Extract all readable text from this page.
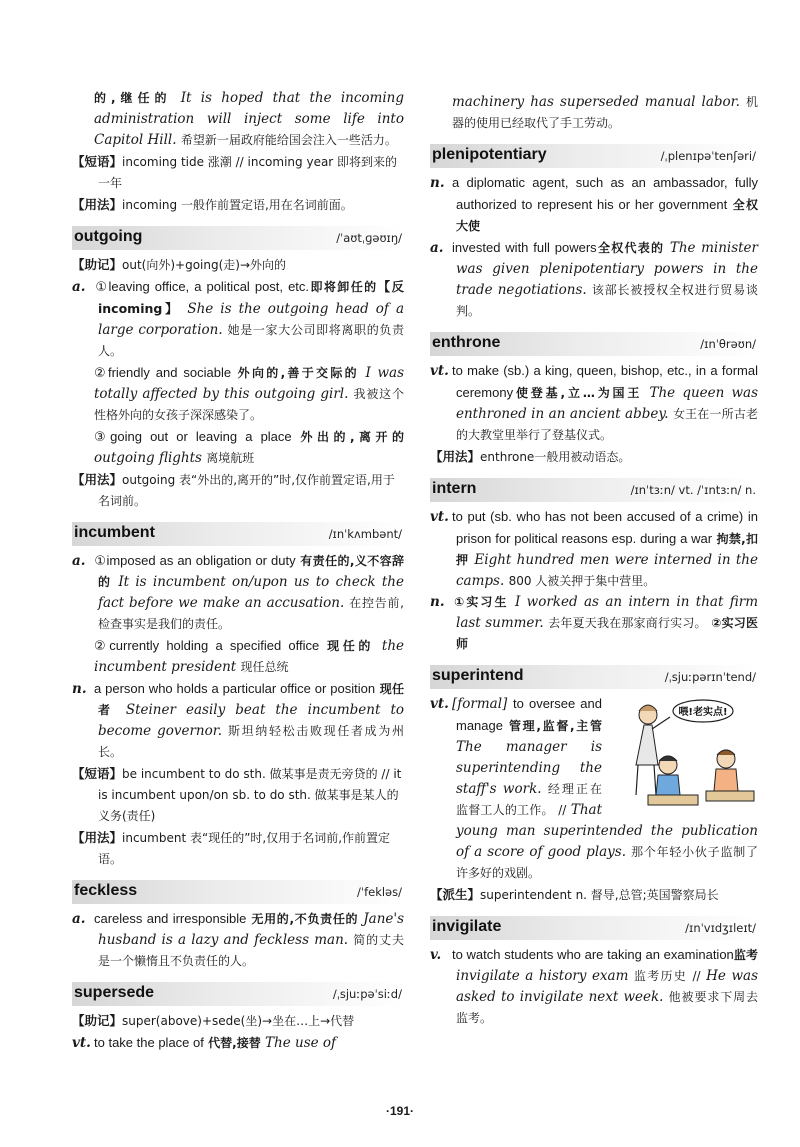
的,继任的 It is hoped that the incoming administration will inject some life into Capitol Hill. 希望新一届政府能给国会注入一些活力。

【短语】incoming tide 涨潮 // incoming year 即将到来的一年

【用法】incoming 一般作前置定语,用在名词前面。

outgoing	/ˈaʊtˌɡəʊɪŋ/

【助记】out(向外)+going(走)→外向的

a. ①leaving office, a political post, etc.即将卸任的【反 incoming】 She is the outgoing head of a large corporation. 她是一家大公司即将离职的负责人。

②friendly and sociable 外向的,善于交际的 I was totally affected by this outgoing girl. 我被这个性格外向的女孩子深深感染了。

③going out or leaving a place 外出的,离开的 outgoing flights 离境航班

【用法】outgoing 表“外出的,离开的”时,仅作前置定语,用于名词前。

incumbent	/ɪnˈkʌmbənt/

a. ①imposed as an obligation or duty 有责任的,义不容辞的 It is incumbent on/upon us to check the fact before we make an accusation. 在控告前,检查事实是我们的责任。

②currently holding a specified office 现任的 the incumbent president 现任总统

n. a person who holds a particular office or position 现任者 Steiner easily beat the incumbent to become governor. 斯坦纳轻松击败现任者成为州长。

【短语】be incumbent to do sth. 做某事是责无旁贷的 // it is incumbent upon/on sb. to do sth. 做某事是某人的义务(责任)

【用法】incumbent 表“现任的”时,仅用于名词前,作前置定语。

feckless	/ˈfekləs/

a. careless and irresponsible 无用的,不负责任的 Jane's husband is a lazy and feckless man. 简的丈夫是一个懒惰且不负责任的人。

supersede	/ˌsjuːpəˈsiːd/

【助记】super(above)+sede(坐)→坐在…上→代替

vt. to take the place of 代替,接替 The use of

machinery has superseded manual labor. 机器的使用已经取代了手工劳动。

plenipotentiary	/ˌplenɪpəˈtenʃəri/

n. a diplomatic agent, such as an ambassador, fully authorized to represent his or her government 全权大使

a. invested with full powers全权代表的 The minister was given plenipotentiary powers in the trade negotiations. 该部长被授权全权进行贸易谈判。

enthrone	/ɪnˈθrəʊn/

vt. to make (sb.) a king, queen, bishop, etc., in a formal ceremony使登基,立…为国王 The queen was enthroned in an ancient abbey. 女王在一所古老的大教堂里举行了登基仪式。

【用法】enthrone一般用被动语态。

intern	/ɪnˈtɜːn/ vt. /ˈɪntɜːn/ n.

vt. to put (sb. who has not been accused of a crime) in prison for political reasons esp. during a war 拘禁,扣押 Eight hundred men were interned in the camps. 800 人被关押于集中营里。

n. ①实习生 I worked as an intern in that firm last summer. 去年夏天我在那家商行实习。 ②实习医师

superintend	/ˌsjuːpərɪnˈtend/
喂!老实点!

vt. [formal] to oversee and manage 管理,监督,主管 The manager is superintending the staff's work. 经理正在监督工人的工作。 // That young man superintended the publication of a score of good plays. 那个年轻小伙子监制了许多好的戏剧。

【派生】superintendent n. 督导,总管;英国警察局长

invigilate	/ɪnˈvɪdʒɪleɪt/

v. to watch students who are taking an examination监考 invigilate a history exam 监考历史 // He was asked to invigilate next week. 他被要求下周去监考。

·191·
